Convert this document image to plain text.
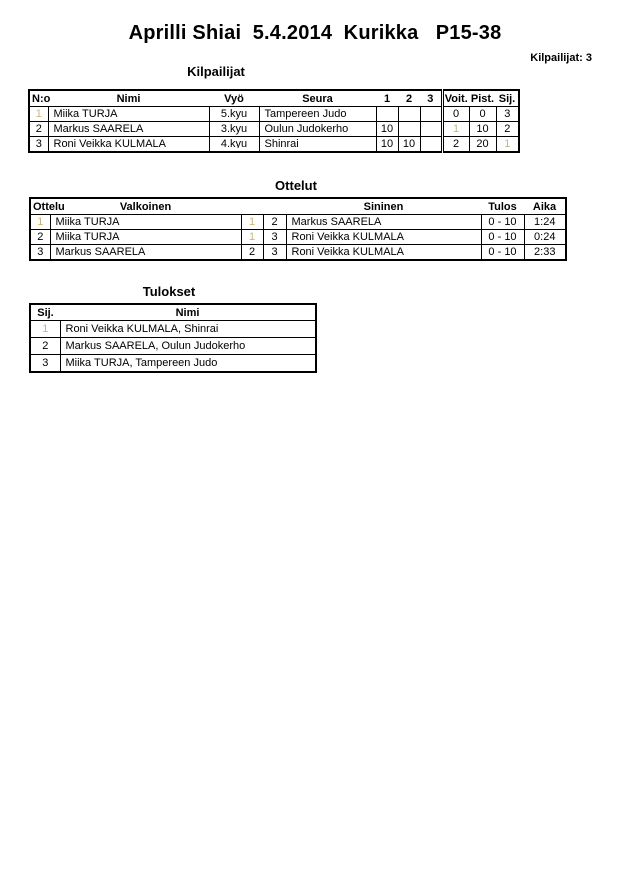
Aprilli Shiai  5.4.2014  Kurikka   P15-38
Kilpailijat: 3
Kilpailijat
N:o	Nimi	Vyö	Seura	1	2	3	Voit.	Pist.	Sij.
1	Miika TURJA	5.kyu	Tampereen Judo				0	0	3
2	Markus SAARELA	3.kyu	Oulun Judokerho	10			1	10	2

3	Roni Veikka KULMALA	4.kyu	Shinrai	10	10		2	20	1
Ottelut
Ottelu	Valkoinen			Sininen	Tulos	Aika
1	Miika TURJA	1	2	Markus SAARELA	0 - 10	1:24
2	Miika TURJA	1	3	Roni Veikka KULMALA	0 - 10	0:24
3	Markus SAARELA	2	3	Roni Veikka KULMALA	0 - 10	2:33
Tulokset
Sij.	Nimi
1	Roni Veikka KULMALA, Shinrai
2	Markus SAARELA, Oulun Judokerho
3	Miika TURJA, Tampereen Judo
